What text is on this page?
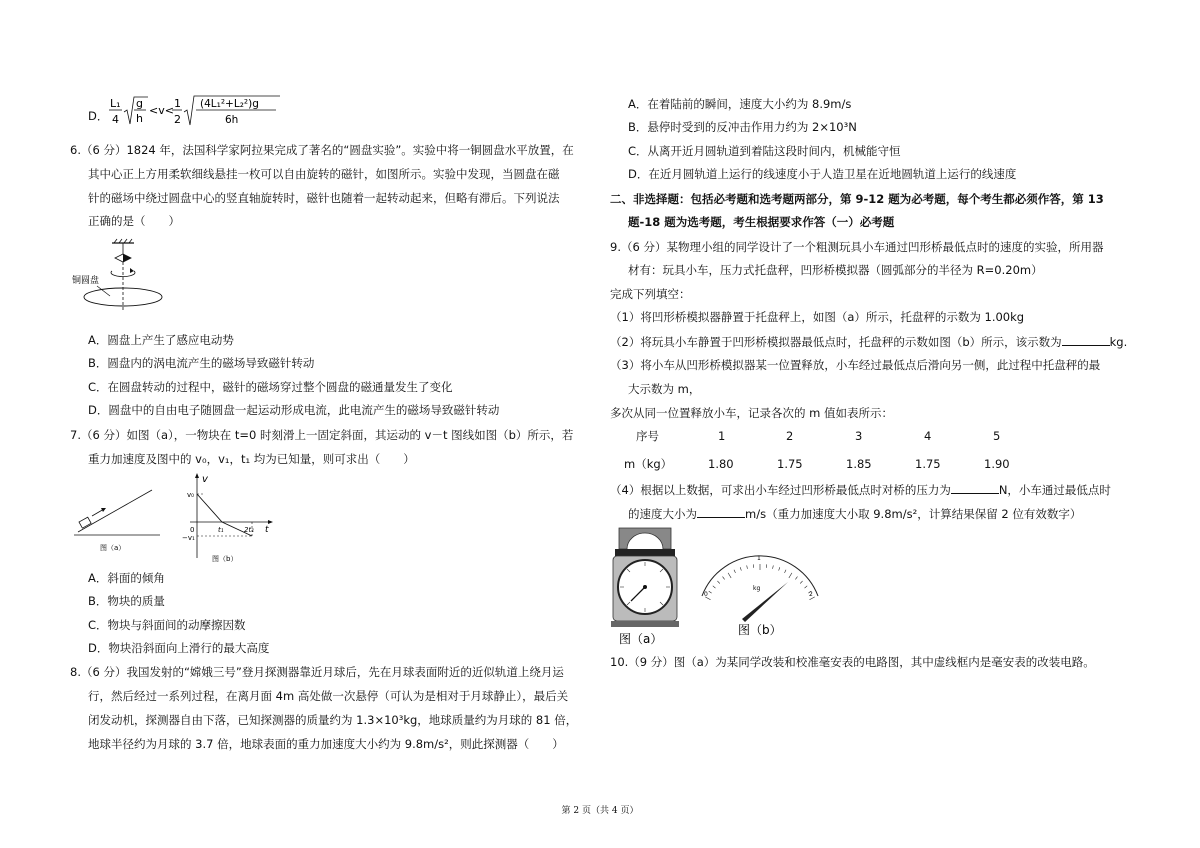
D．
L₁
4
g
h
<v<
1
2
(4L₁²+L₂²)g
6h
6.（6 分）1824 年，法国科学家阿拉果完成了著名的“圆盘实验”。实验中将一铜圆盘水平放置，在
其中心正上方用柔软细线悬挂一枚可以自由旋转的磁针，如图所示。实验中发现，当圆盘在磁
针的磁场中绕过圆盘中心的竖直轴旋转时，磁针也随着一起转动起来，但略有滞后。下列说法
正确的是（　　）
铜圆盘
A．圆盘上产生了感应电动势
B．圆盘内的涡电流产生的磁场导致磁针转动
C．在圆盘转动的过程中，磁针的磁场穿过整个圆盘的磁通量发生了变化
D．圆盘中的自由电子随圆盘一起运动形成电流，此电流产生的磁场导致磁针转动
7.（6 分）如图（a），一物块在 t=0 时刻滑上一固定斜面，其运动的 v－t 图线如图（b）所示，若
重力加速度及图中的 v₀，v₁，t₁ 均为已知量，则可求出（　　）
图（a）
v
t
v₀
−v₁
0	t₁	2t₁
图（b）
A．斜面的倾角
B．物块的质量
C．物块与斜面间的动摩擦因数
D．物块沿斜面向上滑行的最大高度
8.（6 分）我国发射的“嫦娥三号”登月探测器靠近月球后，先在月球表面附近的近似轨道上绕月运
行，然后经过一系列过程，在离月面 4m 高处做一次悬停（可认为是相对于月球静止），最后关
闭发动机，探测器自由下落，已知探测器的质量约为 1.3×10³kg，地球质量约为月球的 81 倍，
地球半径约为月球的 3.7 倍，地球表面的重力加速度大小约为 9.8m/s²，则此探测器（　　）
A．在着陆前的瞬间，速度大小约为 8.9m/s
B．悬停时受到的反冲击作用力约为 2×10³N
C．从离开近月圆轨道到着陆这段时间内，机械能守恒
D．在近月圆轨道上运行的线速度小于人造卫星在近地圆轨道上运行的线速度
二、非选择题：包括必考题和选考题两部分，第 9-12 题为必考题，每个考生都必须作答，第 13
题-18 题为选考题，考生根据要求作答（一）必考题
9.（6 分）某物理小组的同学设计了一个粗测玩具小车通过凹形桥最低点时的速度的实验，所用器
材有：玩具小车，压力式托盘秤，凹形桥模拟器（圆弧部分的半径为 R=0.20m）
完成下列填空：
（1）将凹形桥模拟器静置于托盘秤上，如图（a）所示，托盘秤的示数为 1.00kg
（2）将玩具小车静置于凹形桥模拟器最低点时，托盘秤的示数如图（b）所示，该示数为	kg.
（3）将小车从凹形桥模拟器某一位置释放，小车经过最低点后滑向另一侧，此过程中托盘秤的最
大示数为 m，
多次从同一位置释放小车，记录各次的 m 值如表所示：
序号	1	2	3	4	5
m（kg）	1.80	1.75	1.85	1.75	1.90
（4）根据以上数据，可求出小车经过凹形桥最低点时对桥的压力为	N，小车通过最低点时
的速度大小为	m/s（重力加速度大小取 9.8m/s²，计算结果保留 2 位有效数字）
图（a）
0
1
2
kg
图（b）
10.（9 分）图（a）为某同学改装和校准毫安表的电路图，其中虚线框内是毫安表的改装电路。
第 2 页（共 4 页）
